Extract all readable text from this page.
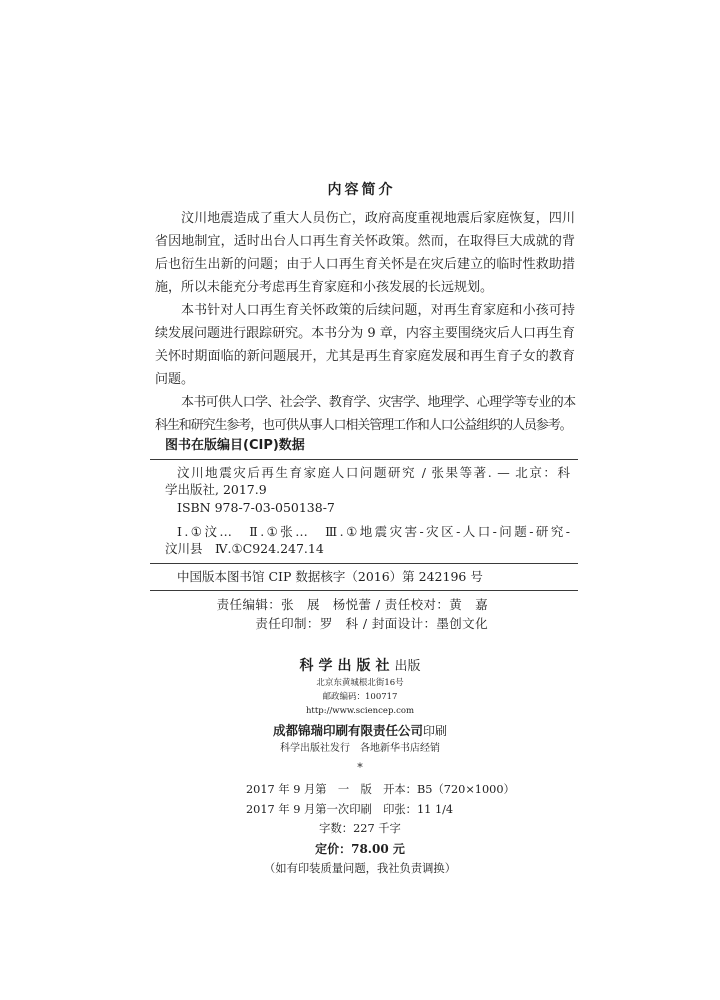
内容简介
汶川地震造成了重大人员伤亡，政府高度重视地震后家庭恢复，四川
省因地制宜，适时出台人口再生育关怀政策。然而，在取得巨大成就的背
后也衍生出新的问题；由于人口再生育关怀是在灾后建立的临时性救助措
施，所以未能充分考虑再生育家庭和小孩发展的长远规划。
本书针对人口再生育关怀政策的后续问题，对再生育家庭和小孩可持
续发展问题进行跟踪研究。本书分为 9 章，内容主要围绕灾后人口再生育
关怀时期面临的新问题展开，尤其是再生育家庭发展和再生育子女的教育
问题。
本书可供人口学、社会学、教育学、灾害学、地理学、心理学等专业的本
科生和研究生参考，也可供从事人口相关管理工作和人口公益组织的人员参考。
图书在版编目(CIP)数据
汶川地震灾后再生育家庭人口问题研究 / 张果等著. — 北京：科
学出版社, 2017.9
ISBN 978-7-03-050138-7
Ⅰ.①汶…　Ⅱ.①张…　Ⅲ.①地震灾害-灾区-人口-问题-研究-
汶川县　Ⅳ.①C924.247.14
中国版本图书馆 CIP 数据核字（2016）第 242196 号
责任编辑：张　展　杨悦蕾 / 责任校对：黄　嘉
责任印制：罗　科 / 封面设计：墨创文化
科学出版社出版
北京东黄城根北街16号
邮政编码：100717
http://www.sciencep.com
成都锦瑞印刷有限责任公司印刷
科学出版社发行　各地新华书店经销
*
2017 年 9 月第　一　版　开本：B5（720×1000）
2017 年 9 月第一次印刷　印张：11 1/4
字数：227 千字
定价：78.00 元
（如有印装质量问题，我社负责调换）
